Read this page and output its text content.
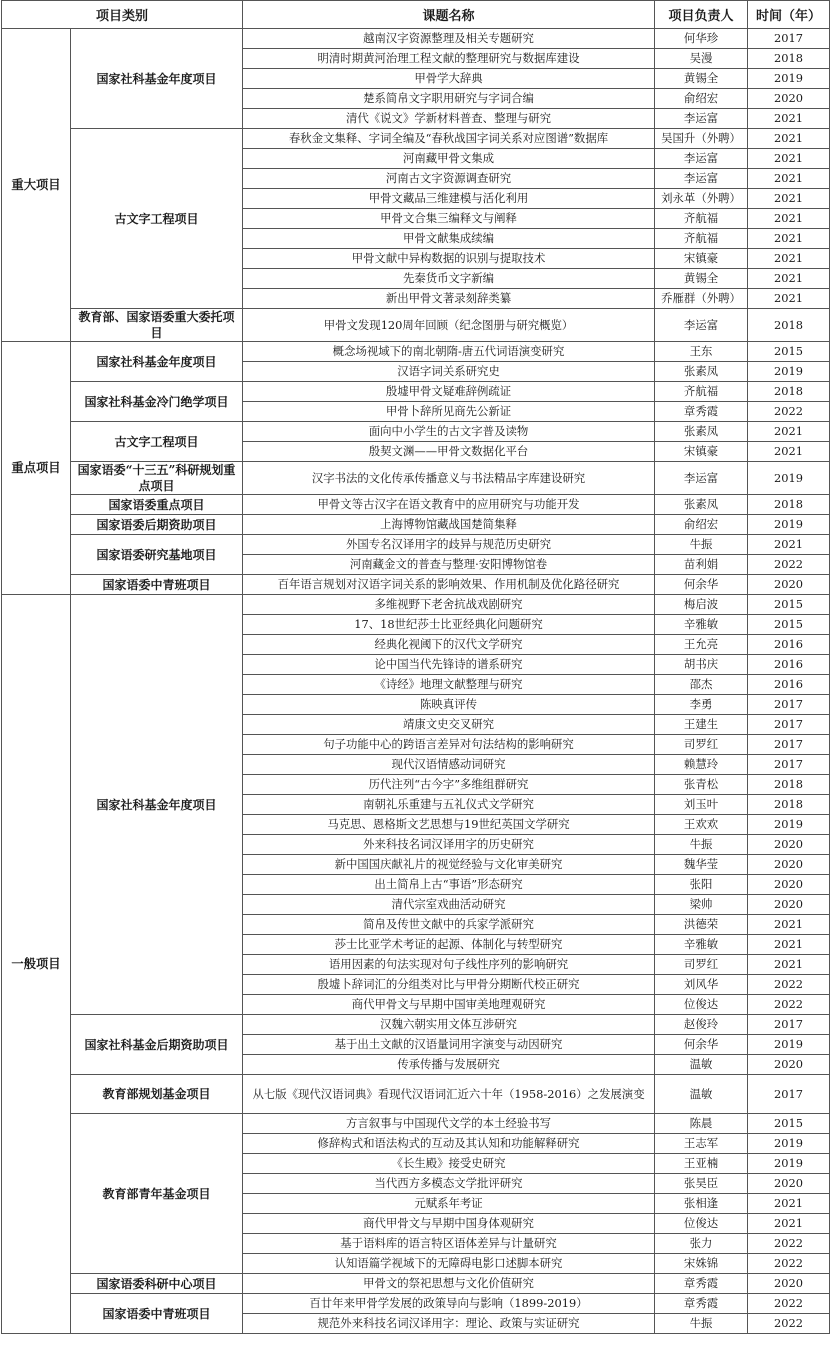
项目类别		课题名称	项目负责人	时间（年）
重大项目	国家社科基金年度项目	越南汉字资源整理及相关专题研究	何华珍	2017
		明清时期黄河治理工程文献的整理研究与数据库建设	吴漫	2018
		甲骨学大辞典	黄锡全	2019
		楚系简帛文字职用研究与字词合编	俞绍宏	2020
		清代《说文》学新材料普查、整理与研究	李运富	2021
	古文字工程项目	春秋金文集释、字词全编及“春秋战国字词关系对应图谱”数据库	吴国升（外聘）	2021
		河南藏甲骨文集成	李运富	2021
		河南古文字资源调查研究	李运富	2021
		甲骨文藏品三维建模与活化利用	刘永革（外聘）	2021
		甲骨文合集三编释文与阐释	齐航福	2021
		甲骨文献集成续编	齐航福	2021
		甲骨文献中异构数据的识别与提取技术	宋镇豪	2021
		先秦货币文字新编	黄锡全	2021
		新出甲骨文著录刻辞类纂	乔雁群（外聘）	2021
	教育部、国家语委重大委托项目	甲骨文发现120周年回顾（纪念图册与研究概览）	李运富	2018
重点项目	国家社科基金年度项目	概念场视域下的南北朝隋-唐五代词语演变研究	王东	2015
		汉语字词关系研究史	张素凤	2019
	国家社科基金冷门绝学项目	殷墟甲骨文疑难辞例疏证	齐航福	2018
		甲骨卜辞所见商先公新证	章秀霞	2022
	古文字工程项目	面向中小学生的古文字普及读物	张素凤	2021
		殷契文渊——甲骨文数据化平台	宋镇豪	2021
	国家语委“十三五”科研规划重点项目	汉字书法的文化传承传播意义与书法精品字库建设研究	李运富	2019
	国家语委重点项目	甲骨文等古汉字在语文教育中的应用研究与功能开发	张素凤	2018
	国家语委后期资助项目	上海博物馆藏战国楚简集释	俞绍宏	2019
	国家语委研究基地项目	外国专名汉译用字的歧异与规范历史研究	牛振	2021
		河南藏金文的普查与整理·安阳博物馆卷	苗利娟	2022
	国家语委中青班项目	百年语言规划对汉语字词关系的影响效果、作用机制及优化路径研究	何余华	2020
一般项目	国家社科基金年度项目	多维视野下老舍抗战戏剧研究	梅启波	2015
		17、18世纪莎士比亚经典化问题研究	辛雅敏	2015
		经典化视阈下的汉代文学研究	王允亮	2016
		论中国当代先锋诗的谱系研究	胡书庆	2016
		《诗经》地理文献整理与研究	邵杰	2016
		陈映真评传	李勇	2017
		靖康文史交叉研究	王建生	2017
		句子功能中心的跨语言差异对句法结构的影响研究	司罗红	2017
		现代汉语情感动词研究	赖慧玲	2017
		历代注列“古今字”多维组群研究	张青松	2018
		南朝礼乐重建与五礼仪式文学研究	刘玉叶	2018
		马克思、恩格斯文艺思想与19世纪英国文学研究	王欢欢	2019
		外来科技名词汉译用字的历史研究	牛振	2020
		新中国国庆献礼片的视觉经验与文化审美研究	魏华莹	2020
		出土简帛上古“事语”形态研究	张阳	2020
		清代宗室戏曲活动研究	梁帅	2020
		简帛及传世文献中的兵家学派研究	洪德荣	2021
		莎士比亚学术考证的起源、体制化与转型研究	辛雅敏	2021
		语用因素的句法实现对句子线性序列的影响研究	司罗红	2021
		殷墟卜辞词汇的分组类对比与甲骨分期断代校正研究	刘风华	2022
		商代甲骨文与早期中国审美地理观研究	位俊达	2022
	国家社科基金后期资助项目	汉魏六朝实用文体互涉研究	赵俊玲	2017
		基于出土文献的汉语量词用字演变与动因研究	何余华	2019
		传承传播与发展研究	温敏	2020
	教育部规划基金项目	从七版《现代汉语词典》看现代汉语词汇近六十年（1958-2016）之发展演变	温敏	2017
	教育部青年基金项目	方言叙事与中国现代文学的本土经验书写	陈晨	2015
		修辞构式和语法构式的互动及其认知和功能解释研究	王志军	2019
		《长生殿》接受史研究	王亚楠	2019
		当代西方多模态文学批评研究	张昊臣	2020
		元赋系年考证	张相逢	2021
		商代甲骨文与早期中国身体观研究	位俊达	2021
		基于语料库的语言特区语体差异与计量研究	张力	2022
		认知语篇学视域下的无障碍电影口述脚本研究	宋姝锦	2022
	国家语委科研中心项目	甲骨文的祭祀思想与文化价值研究	章秀霞	2020
	国家语委中青班项目	百廿年来甲骨学发展的政策导向与影响（1899-2019）	章秀霞	2022
		规范外来科技名词汉译用字：理论、政策与实证研究	牛振	2022
